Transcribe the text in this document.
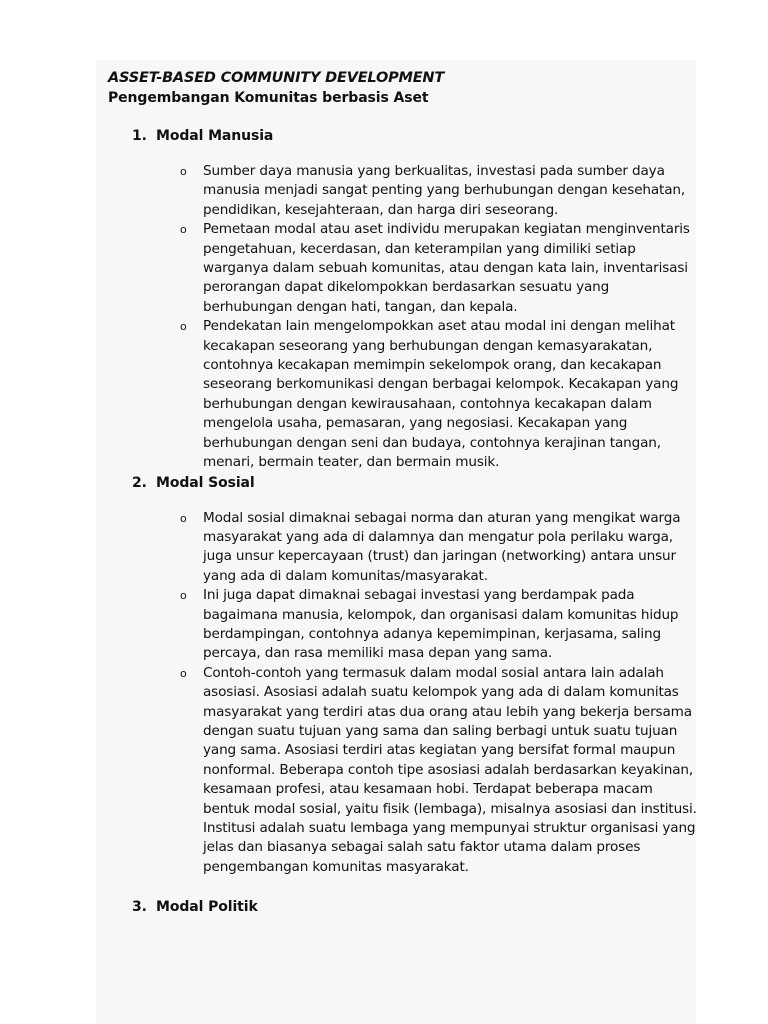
ASSET-BASED COMMUNITY DEVELOPMENT

Pengembangan Komunitas berbasis Aset

1. Modal Manusia

o Sumber daya manusia yang berkualitas, investasi pada sumber daya manusia menjadi sangat penting yang berhubungan dengan kesehatan, pendidikan, kesejahteraan, dan harga diri seseorang.
o Pemetaan modal atau aset individu merupakan kegiatan menginventaris pengetahuan, kecerdasan, dan keterampilan yang dimiliki setiap warganya dalam sebuah komunitas, atau dengan kata lain, inventarisasi perorangan dapat dikelompokkan berdasarkan sesuatu yang berhubungan dengan hati, tangan, dan kepala.
o Pendekatan lain mengelompokkan aset atau modal ini dengan melihat kecakapan seseorang yang berhubungan dengan kemasyarakatan, contohnya kecakapan memimpin sekelompok orang, dan kecakapan seseorang berkomunikasi dengan berbagai kelompok. Kecakapan yang berhubungan dengan kewirausahaan, contohnya kecakapan dalam mengelola usaha, pemasaran, yang negosiasi. Kecakapan yang berhubungan dengan seni dan budaya, contohnya kerajinan tangan, menari, bermain teater, dan bermain musik.

2. Modal Sosial

o Modal sosial dimaknai sebagai norma dan aturan yang mengikat warga masyarakat yang ada di dalamnya dan mengatur pola perilaku warga, juga unsur kepercayaan (trust) dan jaringan (networking) antara unsur yang ada di dalam komunitas/masyarakat.
o Ini juga dapat dimaknai sebagai investasi yang berdampak pada bagaimana manusia, kelompok, dan organisasi dalam komunitas hidup berdampingan, contohnya adanya kepemimpinan, kerjasama, saling percaya, dan rasa memiliki masa depan yang sama.
o Contoh-contoh yang termasuk dalam modal sosial antara lain adalah asosiasi. Asosiasi adalah suatu kelompok yang ada di dalam komunitas masyarakat yang terdiri atas dua orang atau lebih yang bekerja bersama dengan suatu tujuan yang sama dan saling berbagi untuk suatu tujuan yang sama. Asosiasi terdiri atas kegiatan yang bersifat formal maupun nonformal. Beberapa contoh tipe asosiasi adalah berdasarkan keyakinan, kesamaan profesi, atau kesamaan hobi. Terdapat beberapa macam bentuk modal sosial, yaitu fisik (lembaga), misalnya asosiasi dan institusi. Institusi adalah suatu lembaga yang mempunyai struktur organisasi yang jelas dan biasanya sebagai salah satu faktor utama dalam proses pengembangan komunitas masyarakat.

3. Modal Politik
